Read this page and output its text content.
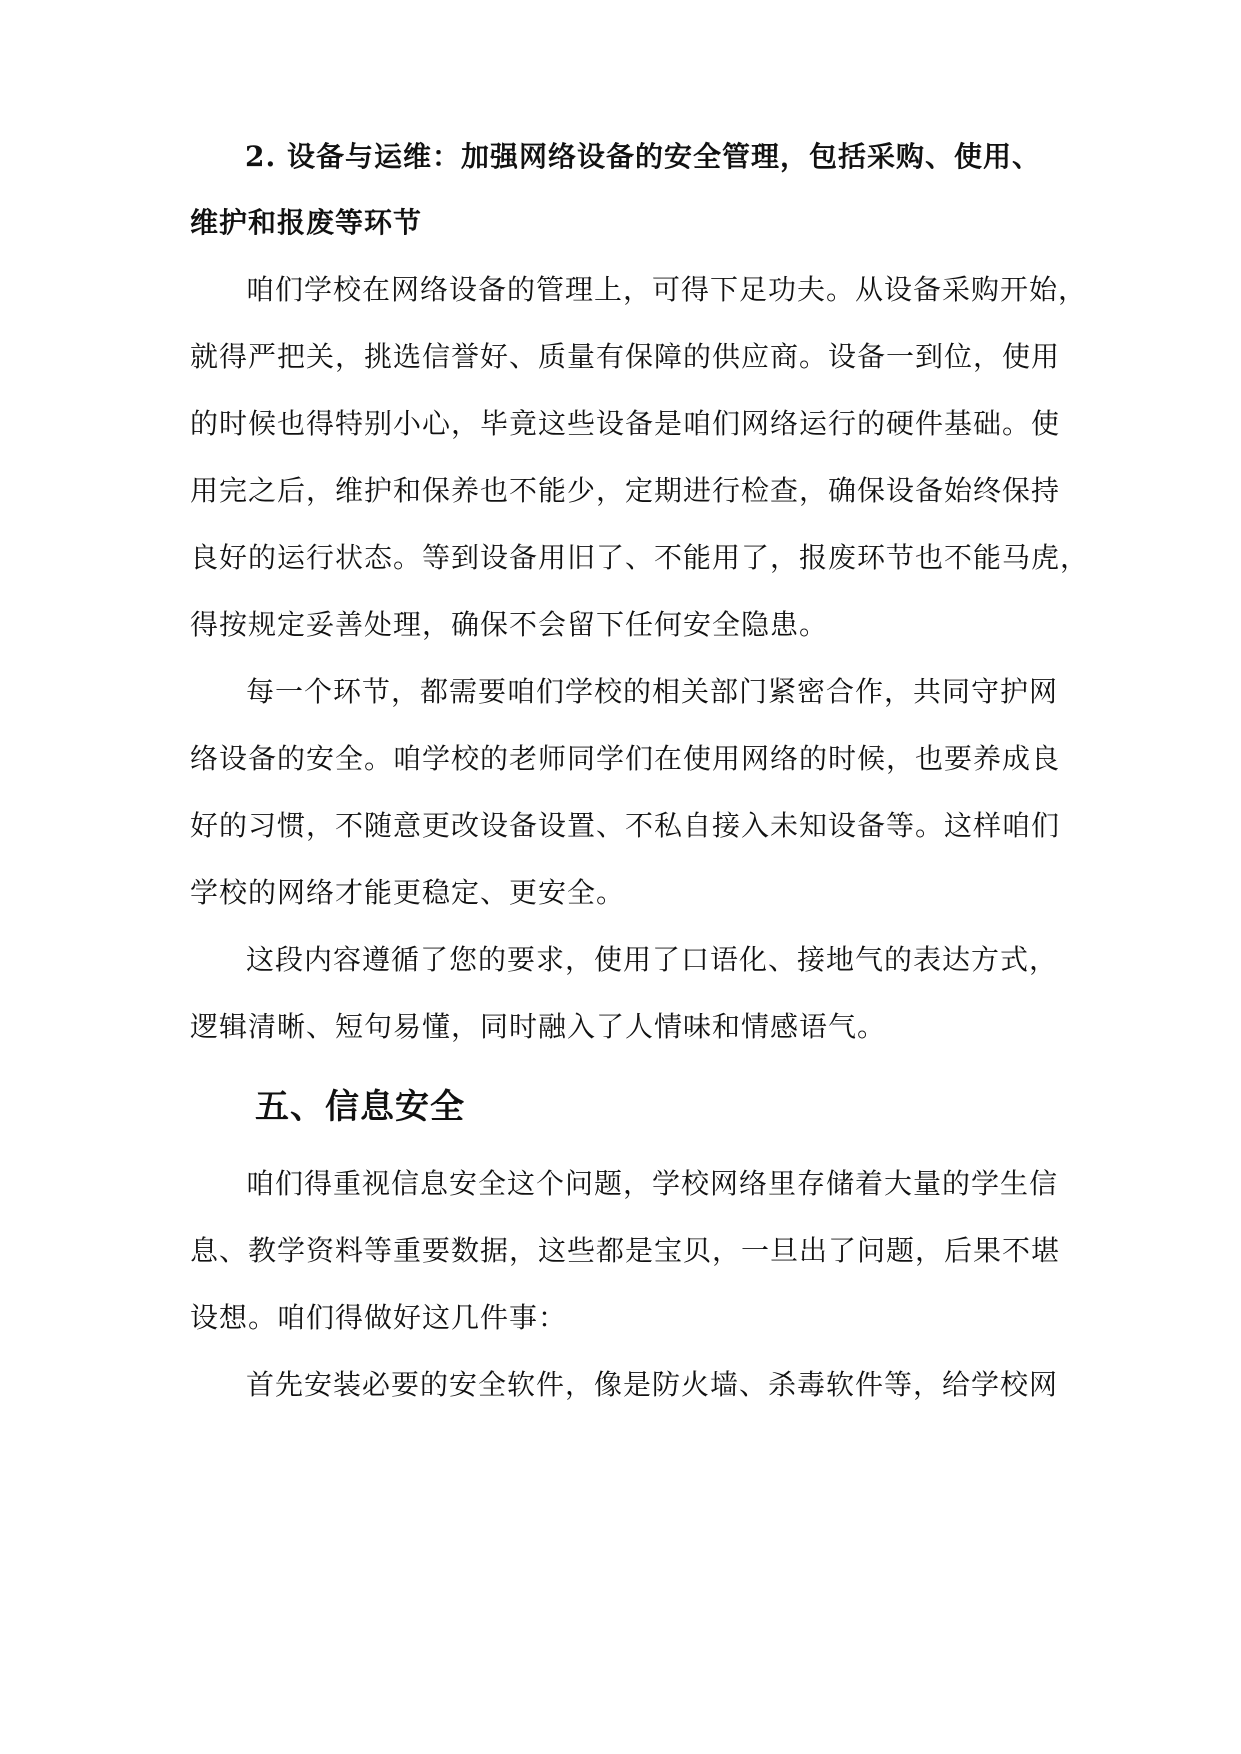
2. 设备与运维：加强网络设备的安全管理，包括采购、使用、
维护和报废等环节
咱们学校在网络设备的管理上，可得下足功夫。从设备采购开始，
就得严把关，挑选信誉好、质量有保障的供应商。设备一到位，使用
的时候也得特别小心，毕竟这些设备是咱们网络运行的硬件基础。使
用完之后，维护和保养也不能少，定期进行检查，确保设备始终保持
良好的运行状态。等到设备用旧了、不能用了，报废环节也不能马虎，
得按规定妥善处理，确保不会留下任何安全隐患。
每一个环节，都需要咱们学校的相关部门紧密合作，共同守护网
络设备的安全。咱学校的老师同学们在使用网络的时候，也要养成良
好的习惯，不随意更改设备设置、不私自接入未知设备等。这样咱们
学校的网络才能更稳定、更安全。
这段内容遵循了您的要求，使用了口语化、接地气的表达方式，
逻辑清晰、短句易懂，同时融入了人情味和情感语气。
五、信息安全
咱们得重视信息安全这个问题，学校网络里存储着大量的学生信
息、教学资料等重要数据，这些都是宝贝，一旦出了问题，后果不堪
设想。咱们得做好这几件事：
首先安装必要的安全软件，像是防火墙、杀毒软件等，给学校网
